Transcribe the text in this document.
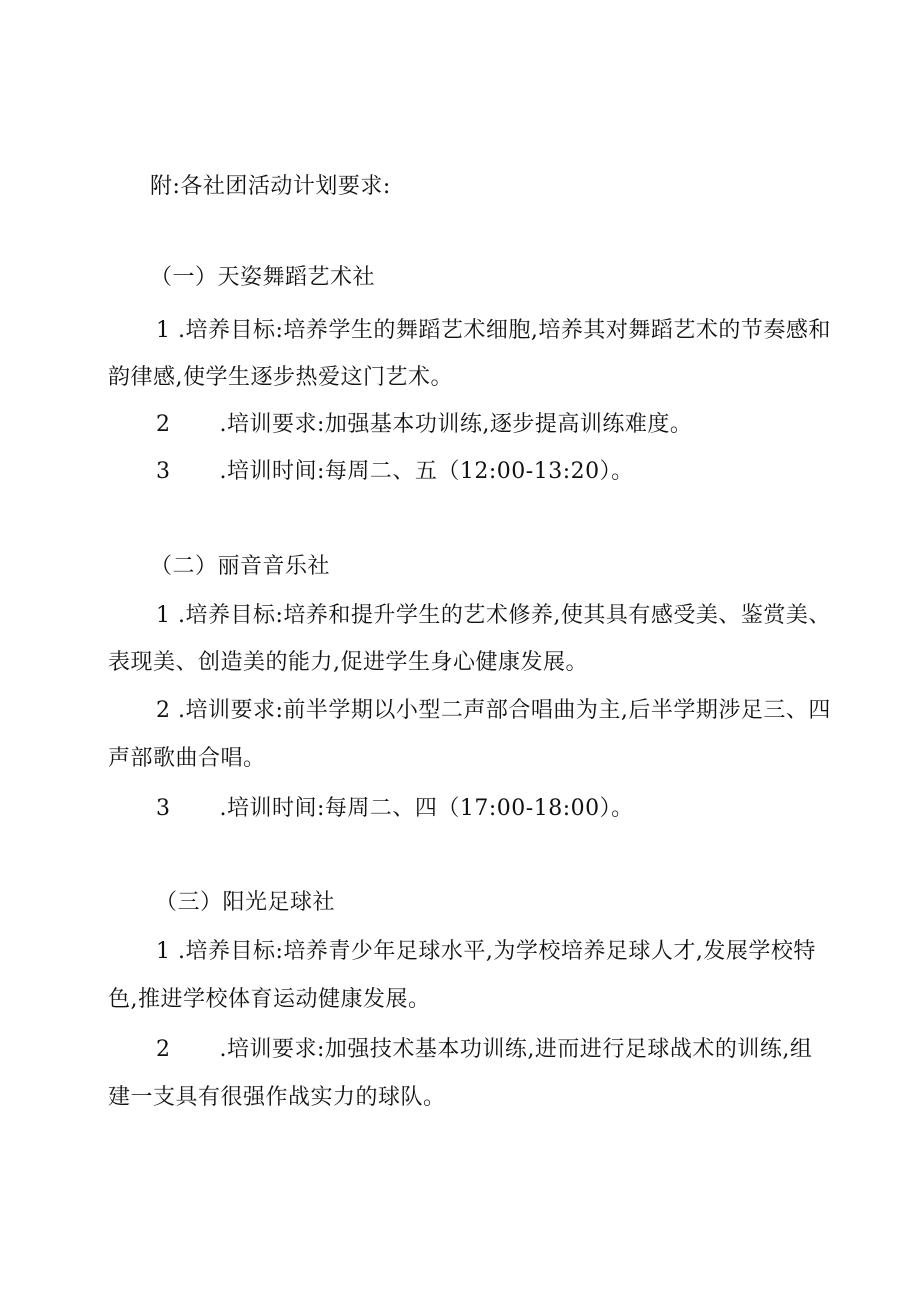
附:各社团活动计划要求:
（一）天姿舞蹈艺术社
1 .培养目标:培养学生的舞蹈艺术细胞,培养其对舞蹈艺术的节奏感和
韵律感,使学生逐步热爱这门艺术。
2 .培训要求:加强基本功训练,逐步提高训练难度。
3 .培训时间:每周二、五（12:00-13:20）。
（二）丽音音乐社
1 .培养目标:培养和提升学生的艺术修养,使其具有感受美、鉴赏美、
表现美、创造美的能力,促进学生身心健康发展。
2 .培训要求:前半学期以小型二声部合唱曲为主,后半学期涉足三、四
声部歌曲合唱。
3 .培训时间:每周二、四（17:00-18:00）。
（三）阳光足球社
1 .培养目标:培养青少年足球水平,为学校培养足球人才,发展学校特
色,推进学校体育运动健康发展。
2 .培训要求:加强技术基本功训练,进而进行足球战术的训练,组
建一支具有很强作战实力的球队。
